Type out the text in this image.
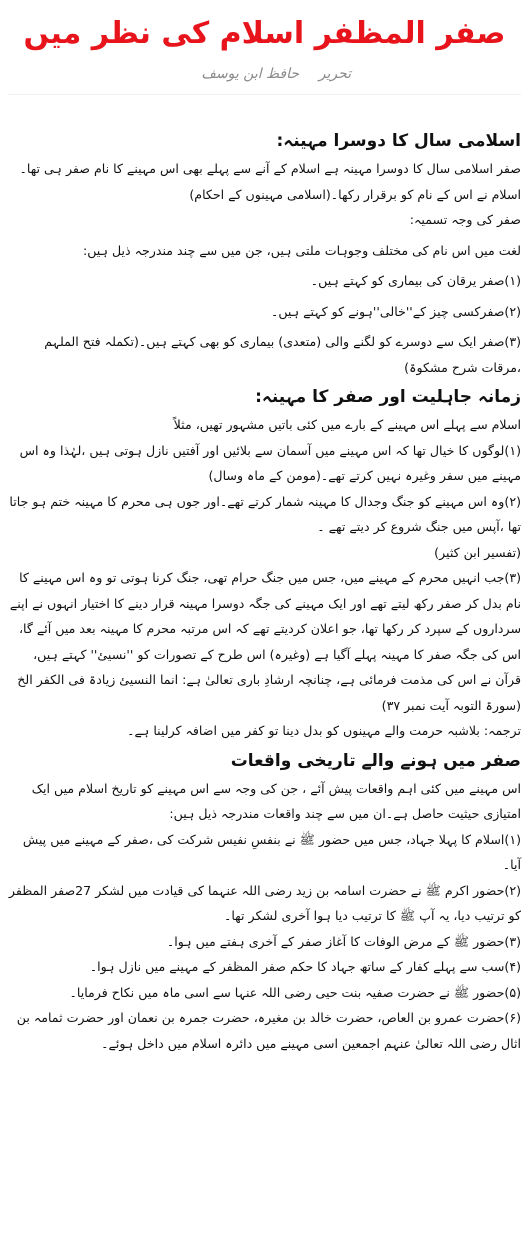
صفر المظفر اسلام کی نظر میں
تحریر
حافظ ابن یوسف
اسلامی سال کا دوسرا مہینہ:

صفر اسلامی سال کا دوسرا مہینہ ہے اسلام کے آنے سے پہلے بھی اس مہینے کا نام صفر ہی تھا۔ اسلام نے اس کے نام کو برقرار رکھا۔(اسلامی مہینوں کے احکام)

صفر کی وجہ تسمیہ:

لغت میں اس نام کی مختلف وجوہات ملتی ہیں، جن میں سے چند مندرجہ ذیل ہیں:

(۱)صفر یرقان کی بیماری کو کہتے ہیں۔

(۲)صفرکسی چیز کے''خالی''ہونے کو کہتے ہیں۔

(۳)صفر ایک سے دوسرے کو لگنے والی (متعدی) بیماری کو بھی کہتے ہیں۔(تکملہ فتح الملہم ،مرقات شرح مشکوۃ)

زمانہ جاہلیت اور صفر کا مہینہ:

اسلام سے پہلے اس مہینے کے بارے میں کئی باتیں مشہور تھیں، مثلاً

(۱)لوگوں کا خیال تھا کہ اس مہینے میں آسمان سے بلائیں اور آفتیں نازل ہوتی ہیں ،لہٰذا وہ اس مہینے میں سفر وغیرہ نہیں کرتے تھے۔(مومن کے ماہ وسال)

(۲)وہ اس مہینے کو جنگ وجدال کا مہینہ شمار کرتے تھے۔اور جوں ہی محرم کا مہینہ ختم ہو جاتا تھا ،آپس میں جنگ شروع کر دیتے تھے ۔

(تفسیر ابن کثیر)

(۳)جب انہیں محرم کے مہینے میں، جس میں جنگ حرام تھی، جنگ کرنا ہوتی تو وہ اس مہینے کا نام بدل کر صفر رکھ لیتے تھے اور ایک مہینے کی جگہ دوسرا مہینہ قرار دینے کا اختیار انہوں نے اپنے سرداروں کے سپرد کر رکھا تھا، جو اعلان کردیتے تھے کہ اس مرتبہ محرم کا مہینہ بعد میں آئے گا، اس کی جگہ صفر کا مہینہ پہلے آگیا ہے (وغیرہ) اس طرح کے تصورات کو ''نسیئ'' کہتے ہیں، قرآن نے اس کی مذمت فرمائی ہے، چنانچہ ارشادِ باری تعالیٰ ہے: انما النسیئ زیادۃ فی الکفر الخ (سورۃ التوبہ آیت نمبر ۳۷)

ترجمہ: بلاشبہ حرمت والے مہینوں کو بدل دینا تو کفر میں اضافہ کرلینا ہے۔

صفر میں ہونے والے تاریخی واقعات

اس مہینے میں کئی اہم واقعات پیش آئے ، جن کی وجہ سے اس مہینے کو تاریخ اسلام میں ایک امتیازی حیثیت حاصل ہے۔ان میں سے چند واقعات مندرجہ ذیل ہیں:

(۱)اسلام کا پہلا جہاد، جس میں حضور ﷺ نے بنفسِ نفیس شرکت کی ،صفر کے مہینے میں پیش آیا۔

(۲)حضور اکرم ﷺ نے حضرت اسامہ بن زید رضی اللہ عنہما کی قیادت میں لشکر 27صفر المظفر کو ترتیب دیا، یہ آپ ﷺ کا ترتیب دیا ہوا آخری لشکر تھا۔

(۳)حضور ﷺ کے مرض الوفات کا آغاز صفر کے آخری ہفتے میں ہوا۔

(۴)سب سے پہلے کفار کے ساتھ جہاد کا حکم صفر المظفر کے مہینے میں نازل ہوا۔

(۵)حضور ﷺ نے حضرت صفیہ بنت حیی رضی اللہ عنہا سے اسی ماہ میں نکاح فرمایا۔

(۶)حضرت عمرو بن العاص، حضرت خالد بن مغیرہ، حضرت جمرہ بن نعمان اور حضرت ثمامہ بن اثال رضی اللہ تعالیٰ عنہم اجمعین اسی مہینے میں دائرہ اسلام میں داخل ہوئے۔
